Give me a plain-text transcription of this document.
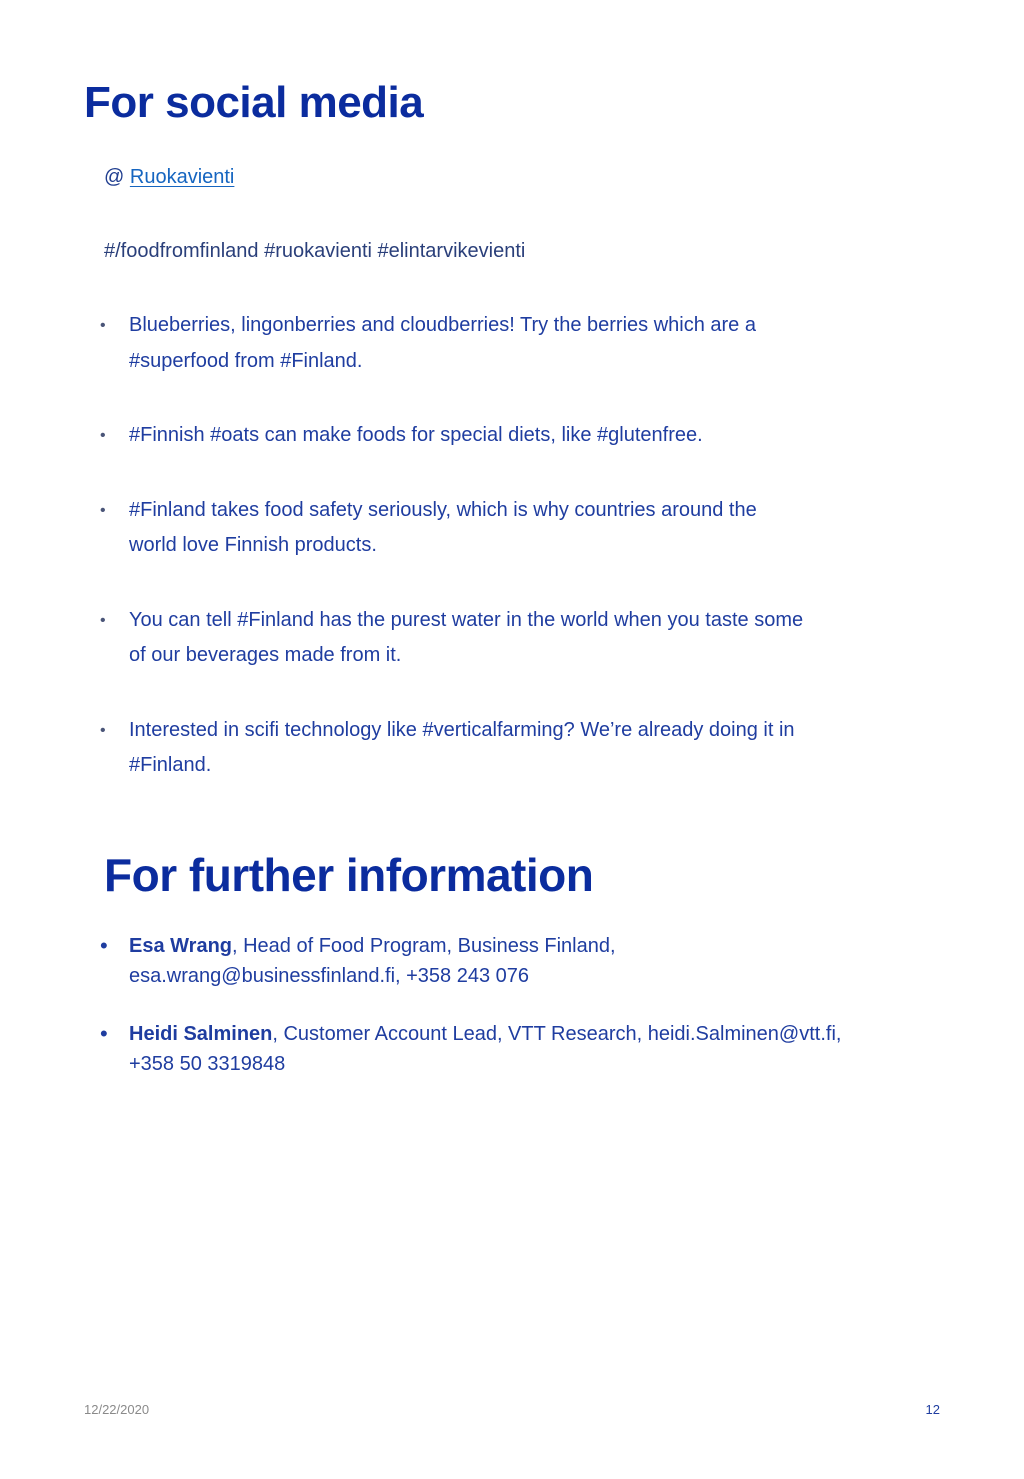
For social media
@ Ruokavienti
#/foodfromfinland #ruokavienti #elintarvikevienti
• Blueberries, lingonberries and cloudberries! Try the berries which are a
#superfood from #Finland.
• #Finnish #oats can make foods for special diets, like #glutenfree.
• #Finland takes food safety seriously, which is why countries around the
world love Finnish products.
• You can tell #Finland has the purest water in the world when you taste some
of our beverages made from it.
• Interested in scifi technology like #verticalfarming? We’re already doing it in
#Finland.
For further information
• Esa Wrang, Head of Food Program, Business Finland,
esa.wrang@businessfinland.fi, +358 243 076
• Heidi Salminen, Customer Account Lead, VTT Research, heidi.Salminen@vtt.fi,
+358 50 3319848
12/22/2020	12
